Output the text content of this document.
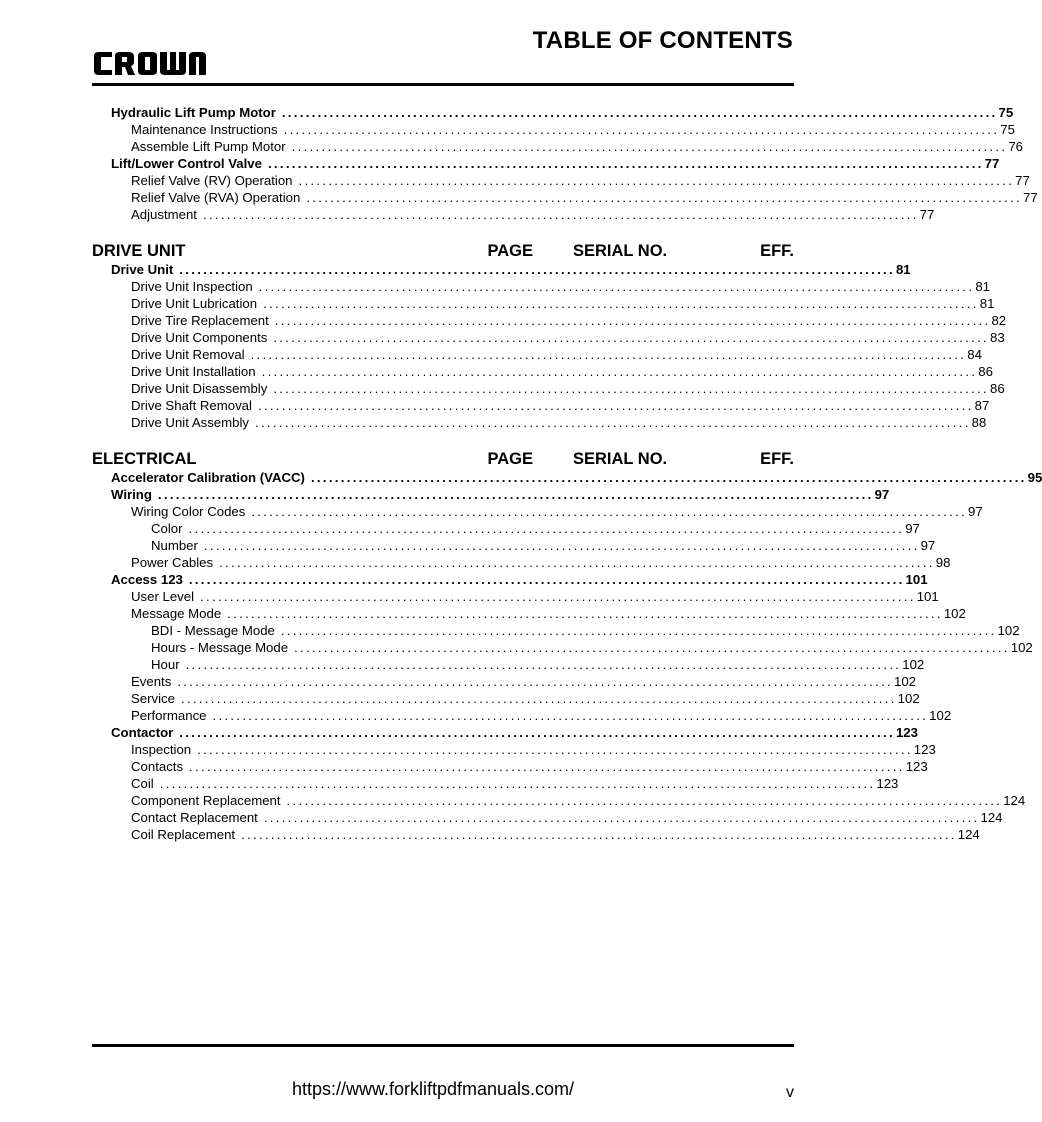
TABLE OF CONTENTS
Hydraulic Lift Pump Motor ........................................................................................................................ 75
Maintenance Instructions ........................................................................................................................ 75
Assemble Lift Pump Motor ........................................................................................................................ 76
Lift/Lower Control Valve ........................................................................................................................ 77
Relief Valve (RV) Operation ........................................................................................................................ 77
Relief Valve (RVA) Operation ........................................................................................................................ 77
Adjustment ........................................................................................................................ 77
DRIVE UNIT	PAGE SERIAL NO.	EFF.
Drive Unit ........................................................................................................................ 81
Drive Unit Inspection ........................................................................................................................ 81
Drive Unit Lubrication ........................................................................................................................ 81
Drive Tire Replacement ........................................................................................................................ 82
Drive Unit Components ........................................................................................................................ 83
Drive Unit Removal ........................................................................................................................ 84
Drive Unit Installation ........................................................................................................................ 86
Drive Unit Disassembly ........................................................................................................................ 86
Drive Shaft Removal ........................................................................................................................ 87
Drive Unit Assembly ........................................................................................................................ 88
ELECTRICAL	PAGE SERIAL NO.	EFF.
Accelerator Calibration (VACC) ........................................................................................................................ 95
Wiring ........................................................................................................................ 97
Wiring Color Codes ........................................................................................................................ 97
Color ........................................................................................................................ 97
Number ........................................................................................................................ 97
Power Cables ........................................................................................................................ 98
Access 123 ........................................................................................................................ 101
User Level ........................................................................................................................ 101
Message Mode ........................................................................................................................ 102
BDI - Message Mode ........................................................................................................................ 102
Hours - Message Mode ........................................................................................................................ 102
Hour ........................................................................................................................ 102
Events ........................................................................................................................ 102
Service ........................................................................................................................ 102
Performance ........................................................................................................................ 102
Contactor ........................................................................................................................ 123
Inspection ........................................................................................................................ 123
Contacts ........................................................................................................................ 123
Coil ........................................................................................................................ 123
Component Replacement ........................................................................................................................ 124
Contact Replacement ........................................................................................................................ 124
Coil Replacement ........................................................................................................................ 124
https://www.forkliftpdfmanuals.com/	v
